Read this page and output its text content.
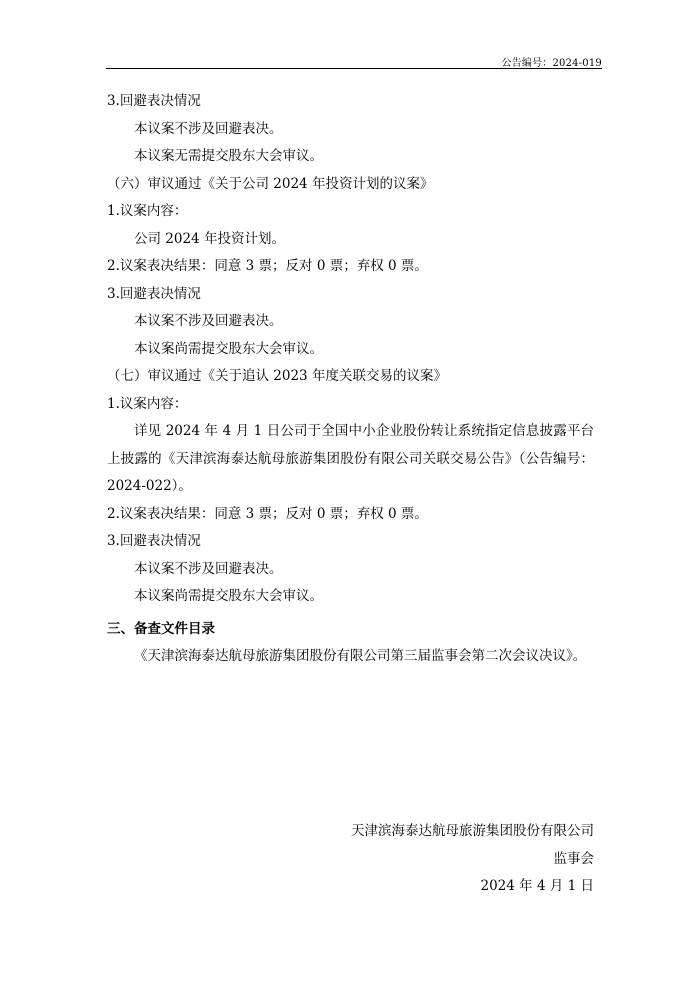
公告编号：2024-019

3.回避表决情况

本议案不涉及回避表决。

本议案无需提交股东大会审议。

（六）审议通过《关于公司 2024 年投资计划的议案》

1.议案内容：

公司 2024 年投资计划。

2.议案表决结果：同意 3 票；反对 0 票；弃权 0 票。

3.回避表决情况

本议案不涉及回避表决。

本议案尚需提交股东大会审议。

（七）审议通过《关于追认 2023 年度关联交易的议案》

1.议案内容：

详见 2024 年 4 月 1 日公司于全国中小企业股份转让系统指定信息披露平台上披露的《天津滨海泰达航母旅游集团股份有限公司关联交易公告》（公告编号：2024-022）。

2.议案表决结果：同意 3 票；反对 0 票；弃权 0 票。

3.回避表决情况

本议案不涉及回避表决。

本议案尚需提交股东大会审议。

三、备查文件目录

《天津滨海泰达航母旅游集团股份有限公司第三届监事会第二次会议决议》。

天津滨海泰达航母旅游集团股份有限公司
监事会
2024 年 4 月 1 日
